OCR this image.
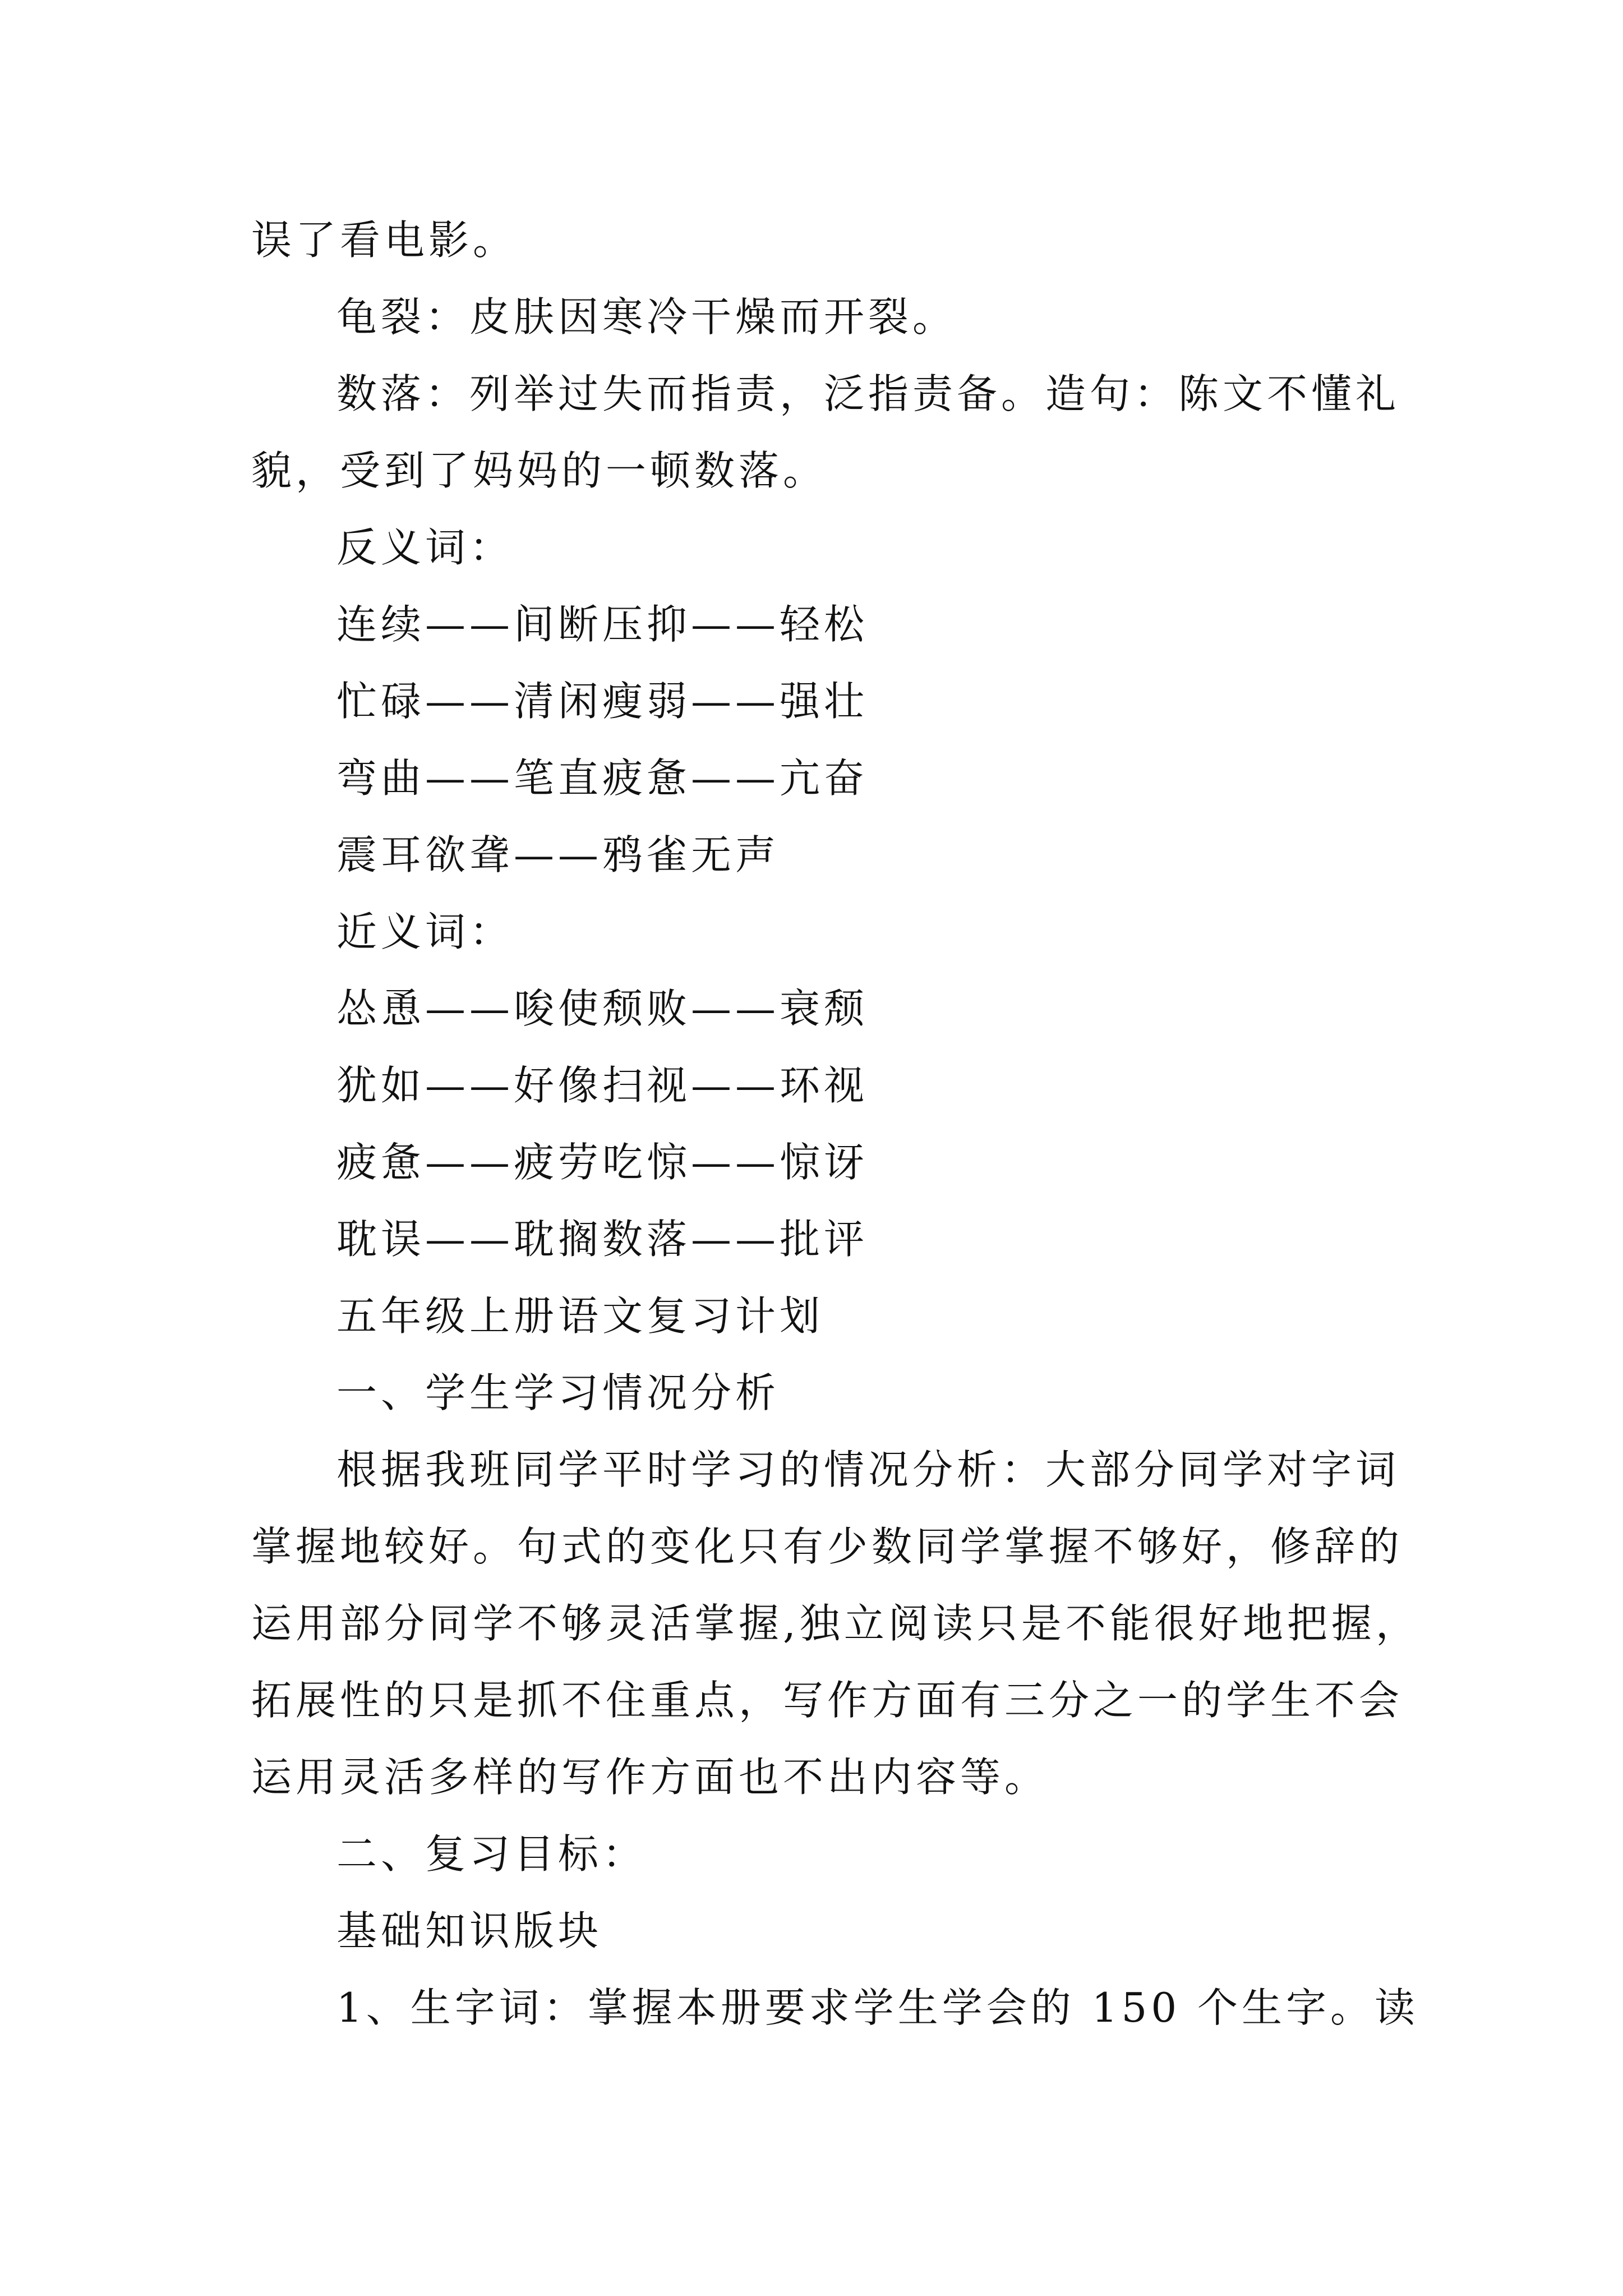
误了看电影。
龟裂：皮肤因寒冷干燥而开裂。
数落：列举过失而指责，泛指责备。造句：陈文不懂礼
貌，受到了妈妈的一顿数落。
反义词：
连续——间断压抑——轻松
忙碌——清闲瘦弱——强壮
弯曲——笔直疲惫——亢奋
震耳欲聋——鸦雀无声
近义词：
怂恿——唆使颓败——衰颓
犹如——好像扫视——环视
疲惫——疲劳吃惊——惊讶
耽误——耽搁数落——批评
五年级上册语文复习计划
一、学生学习情况分析
根据我班同学平时学习的情况分析：大部分同学对字词
掌握地较好。句式的变化只有少数同学掌握不够好，修辞的
运用部分同学不够灵活掌握,独立阅读只是不能很好地把握，
拓展性的只是抓不住重点，写作方面有三分之一的学生不会
运用灵活多样的写作方面也不出内容等。
二、复习目标：
基础知识版块
1、生字词：掌握本册要求学生学会的 150 个生字。读
